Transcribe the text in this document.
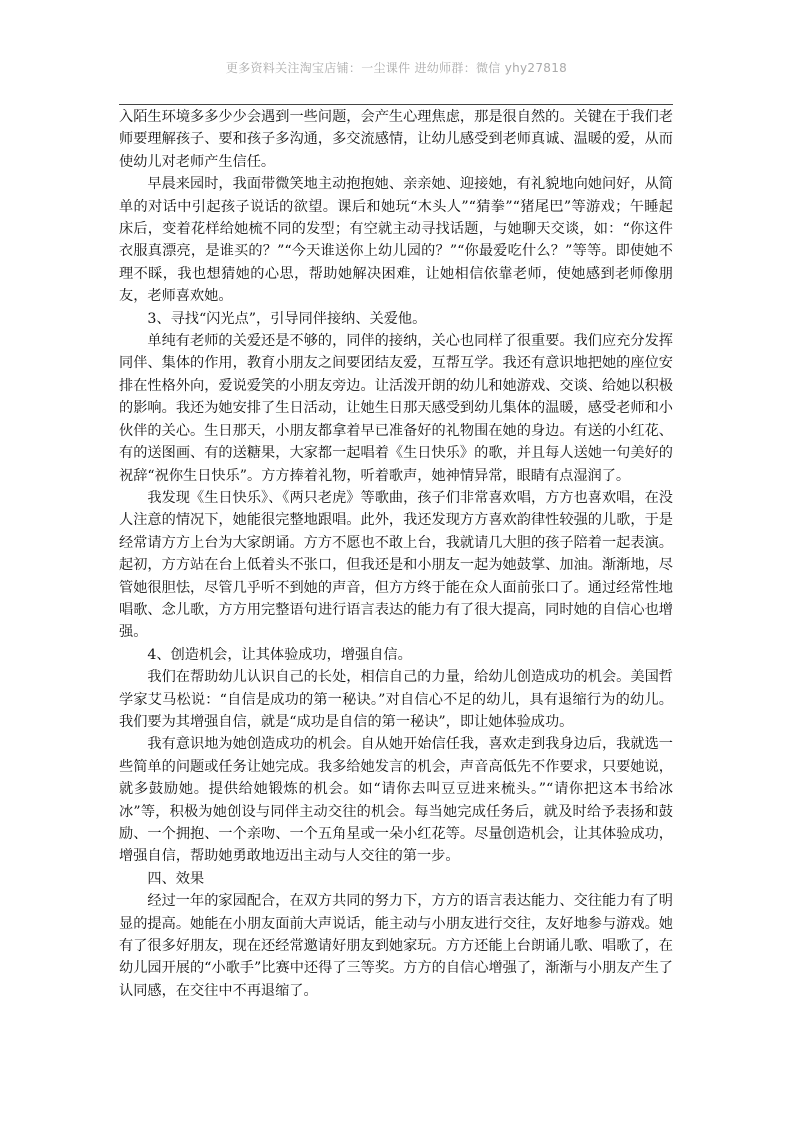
更多资料关注淘宝店铺：一尘课件 进幼师群：微信 yhy27818

入陌生环境多多少少会遇到一些问题，会产生心理焦虑，那是很自然的。关键在于我们老师要理解孩子、要和孩子多沟通，多交流感情，让幼儿感受到老师真诚、温暖的爱，从而使幼儿对老师产生信任。

早晨来园时，我面带微笑地主动抱抱她、亲亲她、迎接她，有礼貌地向她问好，从简单的对话中引起孩子说话的欲望。课后和她玩“木头人”“猜拳”“猪尾巴”等游戏；午睡起床后，变着花样给她梳不同的发型；有空就主动寻找话题，与她聊天交谈，如：“你这件衣服真漂亮，是谁买的？”“今天谁送你上幼儿园的？”“你最爱吃什么？”等等。即使她不理不睬，我也想猜她的心思，帮助她解决困难，让她相信依靠老师，使她感到老师像朋友，老师喜欢她。

3、寻找“闪光点”，引导同伴接纳、关爱他。

单纯有老师的关爱还是不够的，同伴的接纳，关心也同样了很重要。我们应充分发挥同伴、集体的作用，教育小朋友之间要团结友爱，互帮互学。我还有意识地把她的座位安排在性格外向，爱说爱笑的小朋友旁边。让活泼开朗的幼儿和她游戏、交谈、给她以积极的影响。我还为她安排了生日活动，让她生日那天感受到幼儿集体的温暖，感受老师和小伙伴的关心。生日那天，小朋友都拿着早已准备好的礼物围在她的身边。有送的小红花、有的送图画、有的送糖果，大家都一起唱着《生日快乐》的歌，并且每人送她一句美好的祝辞“祝你生日快乐”。方方捧着礼物，听着歌声，她神情异常，眼睛有点湿润了。

我发现《生日快乐》、《两只老虎》等歌曲，孩子们非常喜欢唱，方方也喜欢唱，在没人注意的情况下，她能很完整地跟唱。此外，我还发现方方喜欢韵律性较强的儿歌，于是经常请方方上台为大家朗诵。方方不愿也不敢上台，我就请几大胆的孩子陪着一起表演。起初，方方站在台上低着头不张口，但我还是和小朋友一起为她鼓掌、加油。渐渐地，尽管她很胆怯，尽管几乎听不到她的声音，但方方终于能在众人面前张口了。通过经常性地唱歌、念儿歌，方方用完整语句进行语言表达的能力有了很大提高，同时她的自信心也增强。

4、创造机会，让其体验成功，增强自信。

我们在帮助幼儿认识自己的长处，相信自己的力量，给幼儿创造成功的机会。美国哲学家艾马松说：“自信是成功的第一秘诀。”对自信心不足的幼儿，具有退缩行为的幼儿。我们要为其增强自信，就是“成功是自信的第一秘诀”，即让她体验成功。

我有意识地为她创造成功的机会。自从她开始信任我，喜欢走到我身边后，我就选一些简单的问题或任务让她完成。我多给她发言的机会，声音高低先不作要求，只要她说，就多鼓励她。提供给她锻炼的机会。如“请你去叫豆豆进来梳头。”“请你把这本书给冰冰”等，积极为她创设与同伴主动交往的机会。每当她完成任务后，就及时给予表扬和鼓励、一个拥抱、一个亲吻、一个五角星或一朵小红花等。尽量创造机会，让其体验成功，增强自信，帮助她勇敢地迈出主动与人交往的第一步。

四、效果

经过一年的家园配合，在双方共同的努力下，方方的语言表达能力、交往能力有了明显的提高。她能在小朋友面前大声说话，能主动与小朋友进行交往，友好地参与游戏。她有了很多好朋友，现在还经常邀请好朋友到她家玩。方方还能上台朗诵儿歌、唱歌了，在幼儿园开展的“小歌手”比赛中还得了三等奖。方方的自信心增强了，渐渐与小朋友产生了认同感，在交往中不再退缩了。
